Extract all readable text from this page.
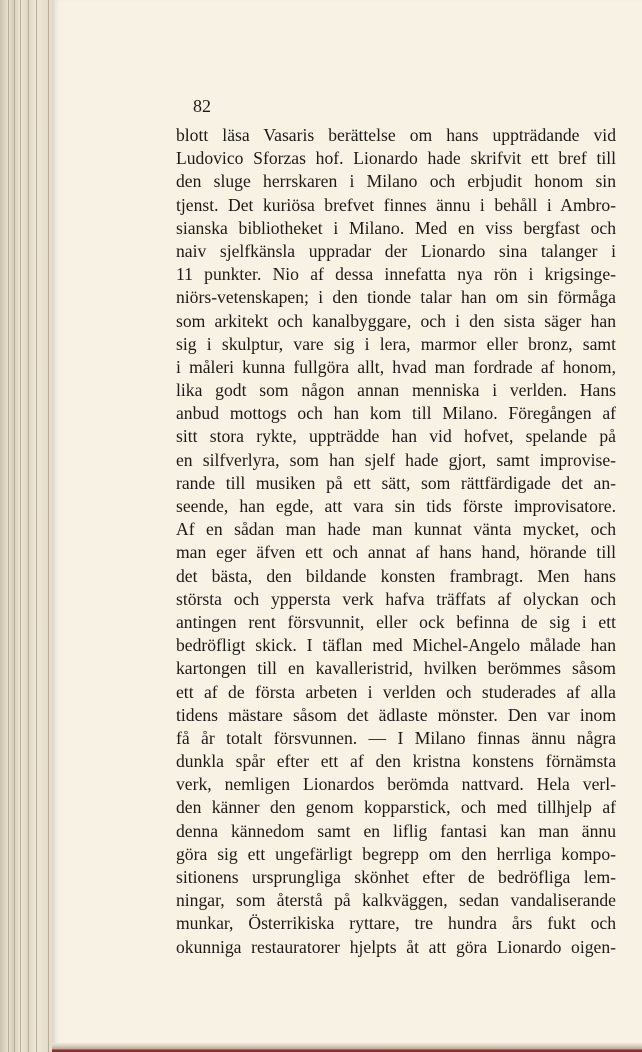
82
blott läsa Vasaris berättelse om hans uppträdande vid
Ludovico Sforzas hof. Lionardo hade skrifvit ett bref till
den sluge herrskaren i Milano och erbjudit honom sin
tjenst. Det kuriösa brefvet finnes ännu i behåll i Ambro-
sianska bibliotheket i Milano. Med en viss bergfast och
naiv sjelfkänsla uppradar der Lionardo sina talanger i
11 punkter. Nio af dessa innefatta nya rön i krigsinge-
niörs-vetenskapen; i den tionde talar han om sin förmåga
som arkitekt och kanalbyggare, och i den sista säger han
sig i skulptur, vare sig i lera, marmor eller bronz, samt
i måleri kunna fullgöra allt, hvad man fordrade af honom,
lika godt som någon annan menniska i verlden. Hans
anbud mottogs och han kom till Milano. Föregången af
sitt stora rykte, uppträdde han vid hofvet, spelande på
en silfverlyra, som han sjelf hade gjort, samt improvise-
rande till musiken på ett sätt, som rättfärdigade det an-
seende, han egde, att vara sin tids förste improvisatore.
Af en sådan man hade man kunnat vänta mycket, och
man eger äfven ett och annat af hans hand, hörande till
det bästa, den bildande konsten frambragt. Men hans
största och yppersta verk hafva träffats af olyckan och
antingen rent försvunnit, eller ock befinna de sig i ett
bedröfligt skick. I täflan med Michel-Angelo målade han
kartongen till en kavalleristrid, hvilken berömmes såsom
ett af de första arbeten i verlden och studerades af alla
tidens mästare såsom det ädlaste mönster. Den var inom
få år totalt försvunnen. — I Milano finnas ännu några
dunkla spår efter ett af den kristna konstens förnämsta
verk, nemligen Lionardos berömda nattvard. Hela verl-
den känner den genom kopparstick, och med tillhjelp af
denna kännedom samt en liflig fantasi kan man ännu
göra sig ett ungefärligt begrepp om den herrliga kompo-
sitionens ursprungliga skönhet efter de bedröfliga lem-
ningar, som återstå på kalkväggen, sedan vandaliserande
munkar, Österrikiska ryttare, tre hundra års fukt och
okunniga restauratorer hjelpts åt att göra Lionardo oigen-
